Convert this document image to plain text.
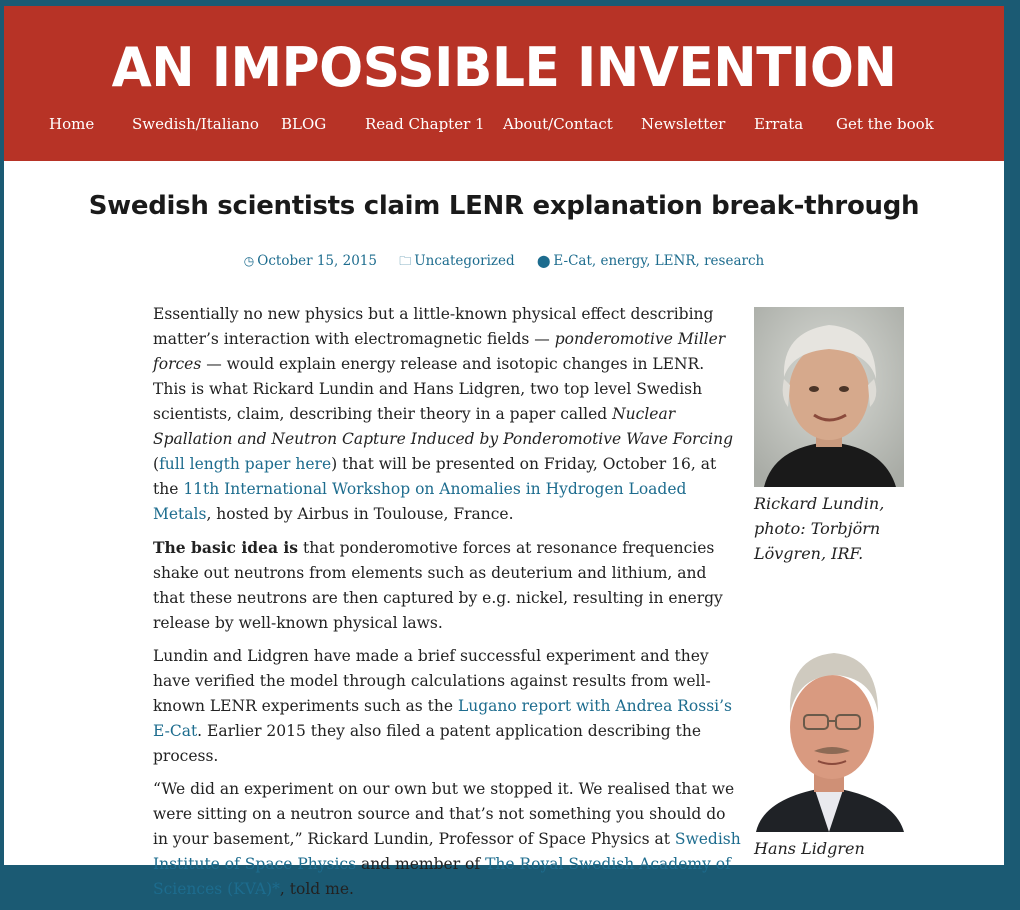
AN IMPOSSIBLE INVENTION
Home	Swedish/Italiano BLOG	Read Chapter 1 About/Contact Newsletter Errata Get the book
Swedish scientists claim LENR explanation break-through
◷ October 15, 2015 🗀 Uncategorized ⬤ E-Cat, energy, LENR, research

Essentially no new physics but a little-known physical effect describing matter’s interaction with electromagnetic fields — ponderomotive Miller forces — would explain energy release and isotopic changes in LENR. This is what Rickard Lundin and Hans Lidgren, two top level Swedish scientists, claim, describing their theory in a paper called Nuclear Spallation and Neutron Capture Induced by Ponderomotive Wave Forcing (full length paper here) that will be presented on Friday, October 16, at the 11th International Workshop on Anomalies in Hydrogen Loaded Metals, hosted by Airbus in Toulouse, France.

The basic idea is that ponderomotive forces at resonance frequencies shake out neutrons from elements such as deuterium and lithium, and that these neutrons are then captured by e.g. nickel, resulting in energy release by well-known physical laws.

Lundin and Lidgren have made a brief successful experiment and they have verified the model through calculations against results from well-known LENR experiments such as the Lugano report with Andrea Rossi’s E-Cat. Earlier 2015 they also filed a patent application describing the process.

“We did an experiment on our own but we stopped it. We realised that we were sitting on a neutron source and that’s not something you should do in your basement,” Rickard Lundin, Professor of Space Physics at Swedish Institute of Space Physics and member of The Royal Swedish Academy of Sciences (KVA)*, told me.

Rickard Lundin, photo: Torbjörn Lövgren, IRF.
Hans Lidgren
